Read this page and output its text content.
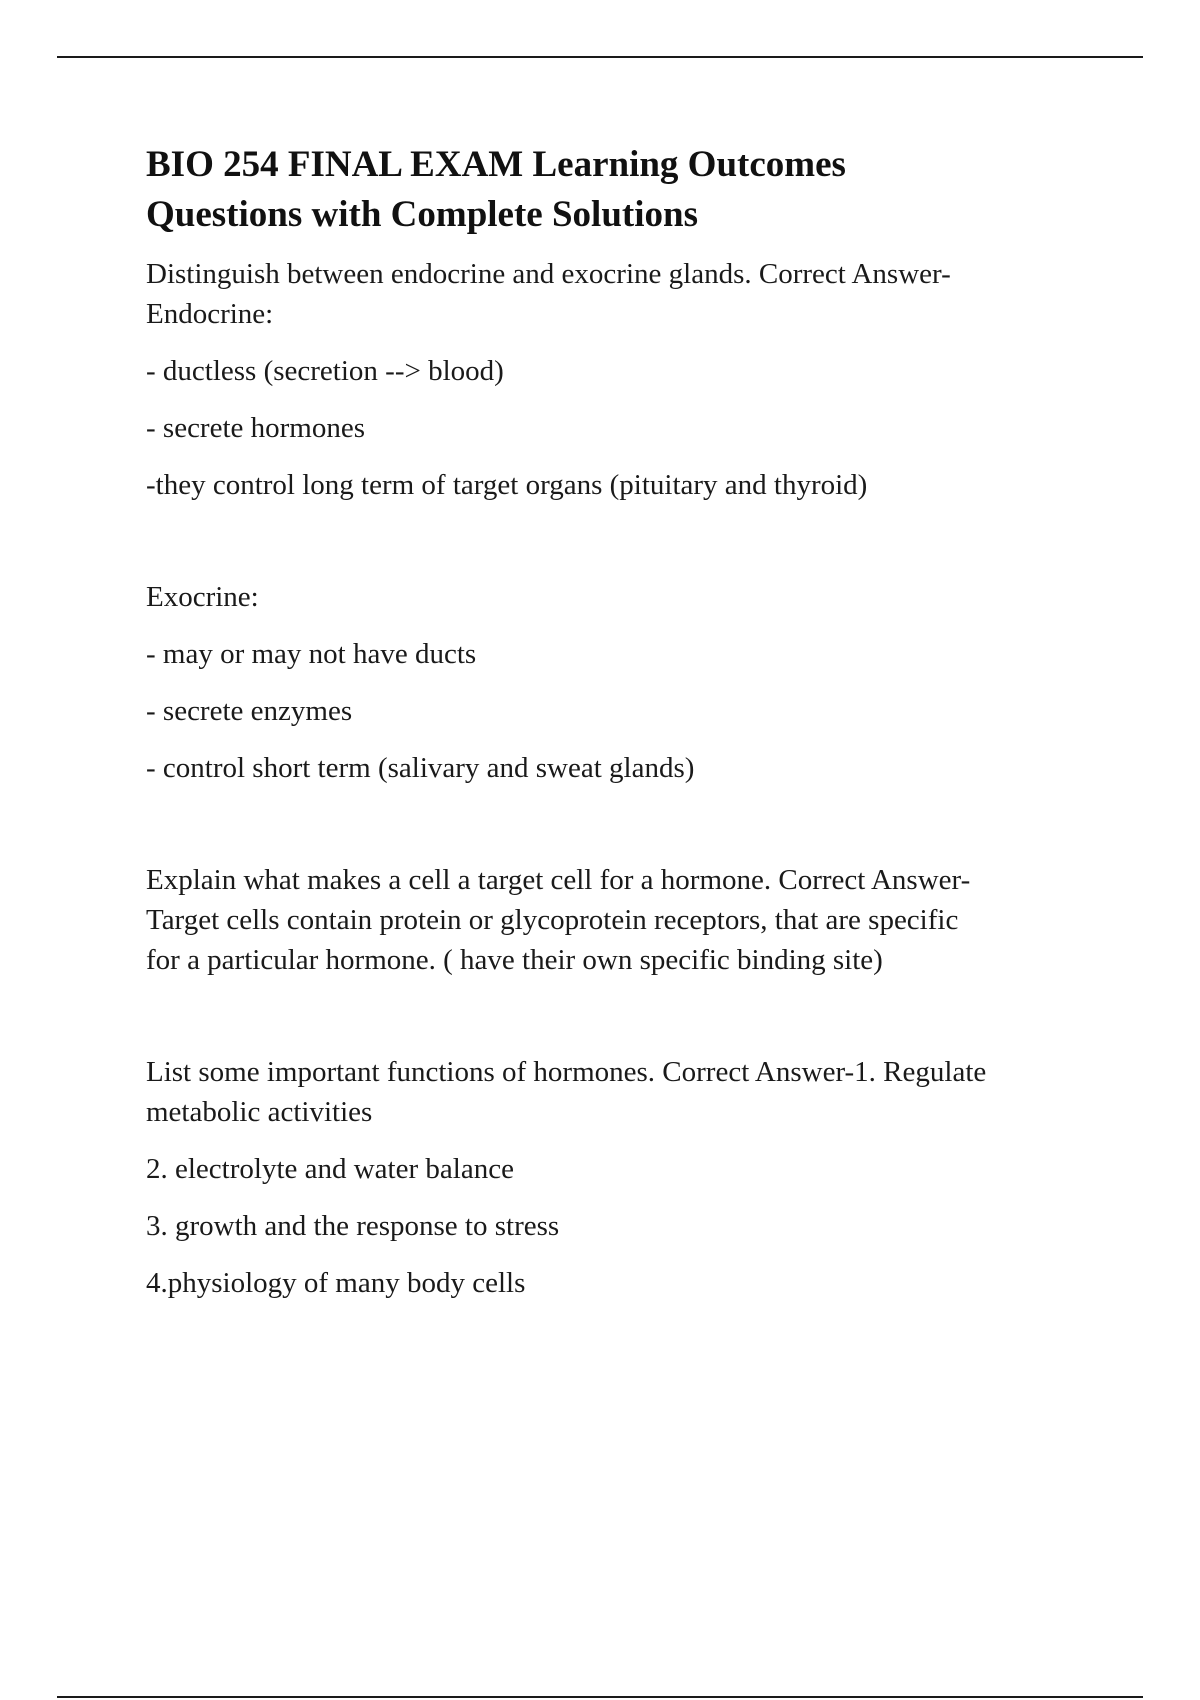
BIO 254 FINAL EXAM Learning Outcomes
Questions with Complete Solutions

Distinguish between endocrine and exocrine glands. Correct Answer-

Endocrine:

- ductless (secretion --> blood)

- secrete hormones

-they control long term of target organs (pituitary and thyroid)

Exocrine:

- may or may not have ducts

- secrete enzymes

- control short term (salivary and sweat glands)

Explain what makes a cell a target cell for a hormone. Correct Answer-

Target cells contain protein or glycoprotein receptors, that are specific

for a particular hormone. ( have their own specific binding site)

List some important functions of hormones. Correct Answer-1. Regulate

metabolic activities

2. electrolyte and water balance

3. growth and the response to stress

4.physiology of many body cells
